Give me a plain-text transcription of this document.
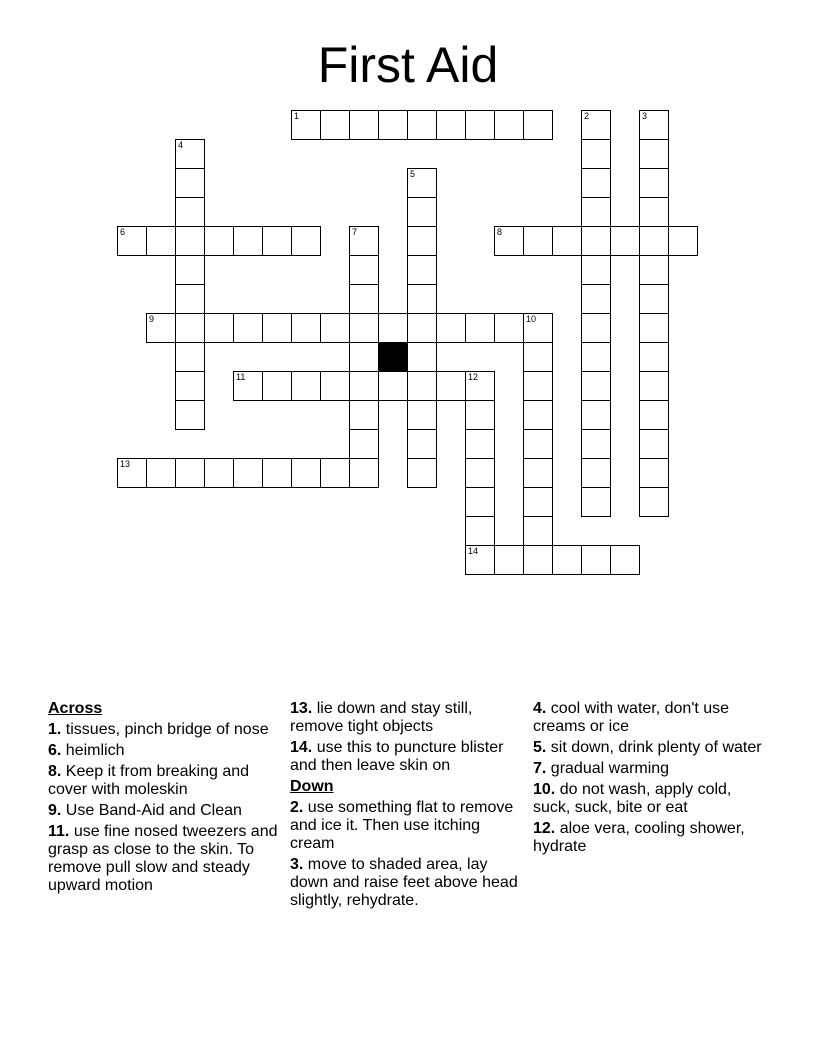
First Aid
1	2	3
4
5
6	7	8
9	10
11	12
14
13
Across
1. tissues, pinch bridge of nose
6. heimlich
8. Keep it from breaking and cover with moleskin
9. Use Band-Aid and Clean
11. use fine nosed tweezers and grasp as close to the skin. To remove pull slow and steady upward motion
13. lie down and stay still, remove tight objects
14. use this to puncture blister and then leave skin on
Down
2. use something flat to remove and ice it. Then use itching cream
3. move to shaded area, lay down and raise feet above head slightly, rehydrate.
4. cool with water, don't use creams or ice
5. sit down, drink plenty of water
7. gradual warming
10. do not wash, apply cold, suck, suck, bite or eat
12. aloe vera, cooling shower, hydrate
